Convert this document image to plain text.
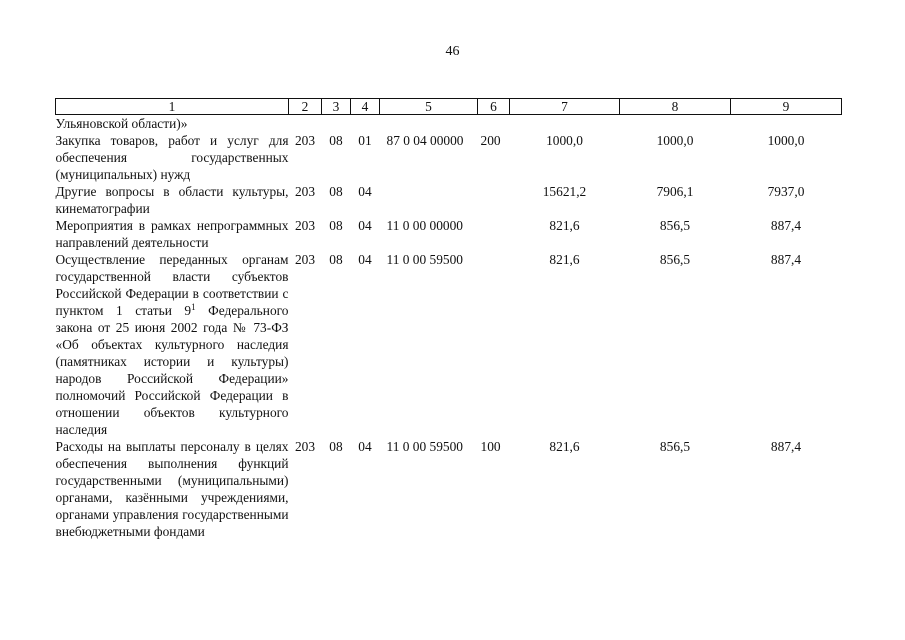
46
1	2	3	4	5	6	7	8	9
Ульяновской области)»								
Закупка товаров, работ и услуг для обеспечения государственных (муниципальных) нужд	203	08	01	87 0 04 00000	200	1000,0	1000,0	1000,0
Другие вопросы в области культуры, кинематографии	203	08	04			15621,2	7906,1	7937,0
Мероприятия в рамках непрограммных направлений деятельности	203	08	04	11 0 00 00000		821,6	856,5	887,4
Осуществление переданных органам государственной власти субъектов Российской Федерации в соответствии с пунктом 1 статьи $9^1$ Федерального закона от 25 июня 2002 года № 73-ФЗ «Об объектах культурного наследия (памятниках истории и культуры) народов Российской Федерации» полномочий Российской Федерации в отношении объектов культурного наследия	203	08	04	11 0 00 59500		821,6	856,5	887,4
Расходы на выплаты персоналу в целях обеспечения выполнения функций государственными (муниципальными) органами, казёнными учреждениями, органами управления государственными внебюджетными фондами	203	08	04	11 0 00 59500	100	821,6	856,5	887,4
